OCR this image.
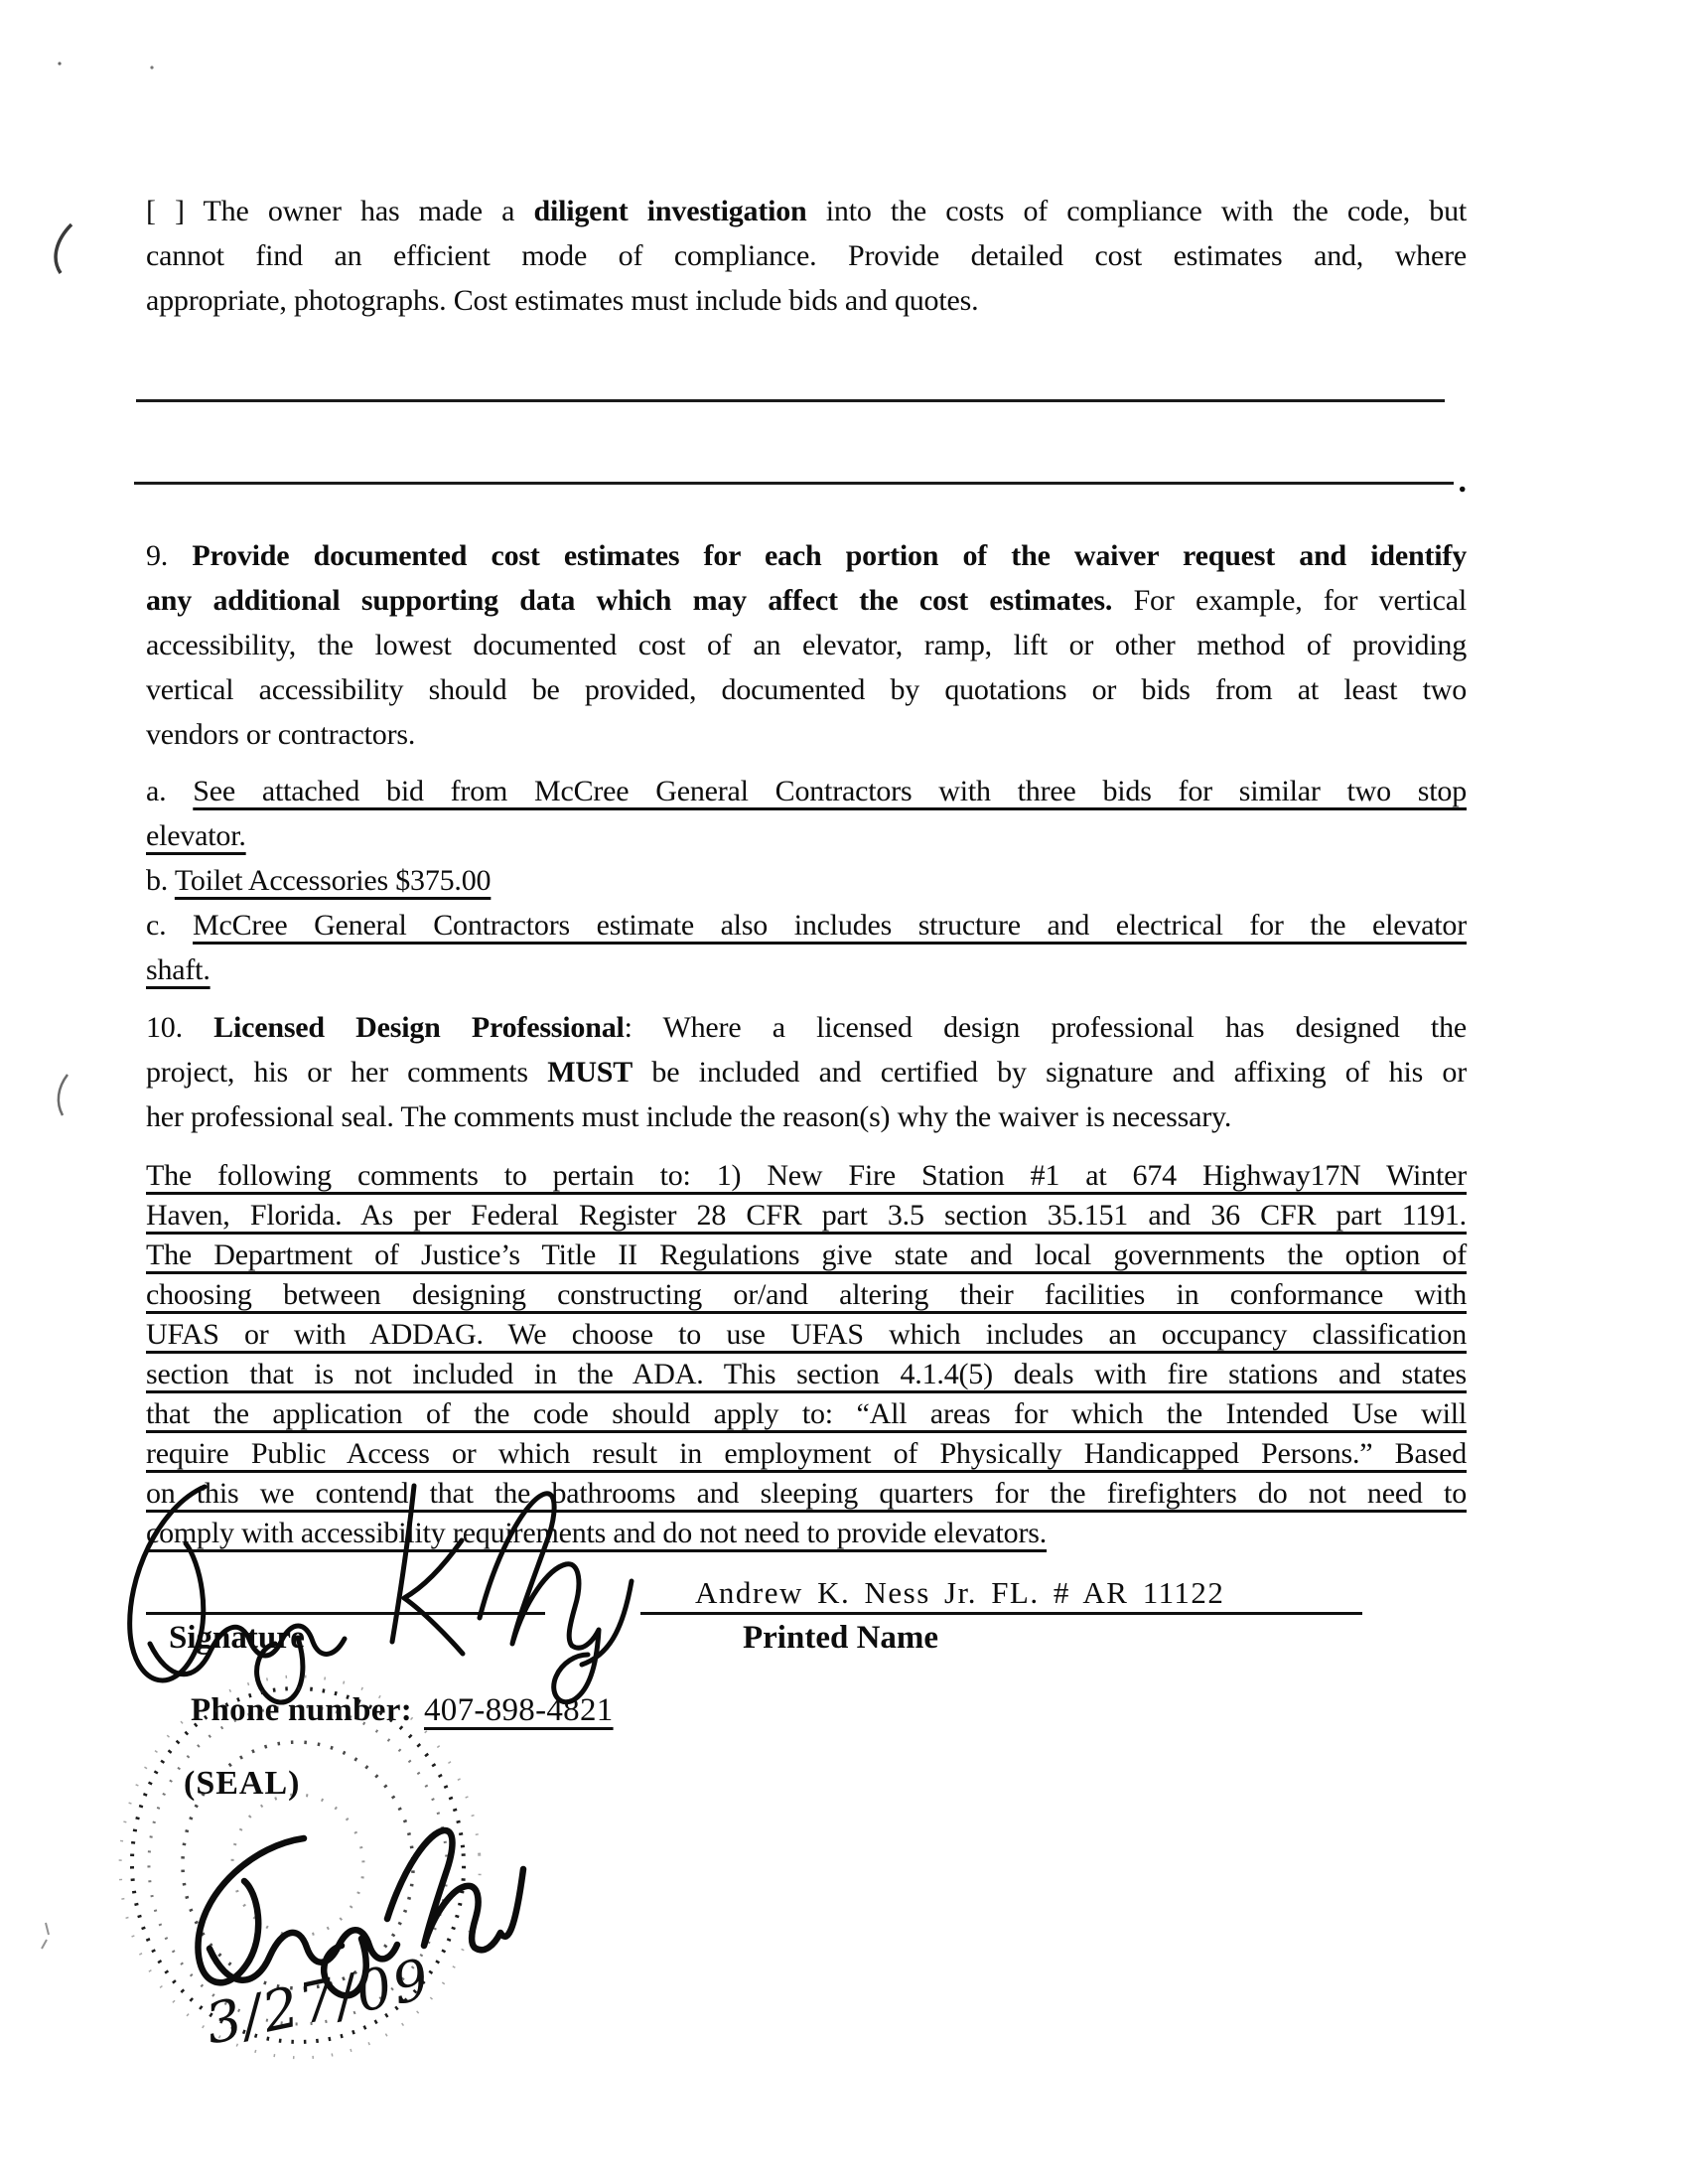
[ ] The owner has made a diligent investigation into the costs of compliance with the code, but
cannot find an efficient mode of compliance. Provide detailed cost estimates and, where
appropriate, photographs. Cost estimates must include bids and quotes.
.
9. Provide documented cost estimates for each portion of the waiver request and identify
any additional supporting data which may affect the cost estimates. For example, for vertical
accessibility, the lowest documented cost of an elevator, ramp, lift or other method of providing
vertical accessibility should be provided, documented by quotations or bids from at least two
vendors or contractors.
a. See attached bid from McCree General Contractors with three bids for similar two stop
elevator.
b. Toilet Accessories $375.00
c. McCree General Contractors estimate also includes structure and electrical for the elevator
shaft.
10. Licensed Design Professional: Where a licensed design professional has designed the
project, his or her comments MUST be included and certified by signature and affixing of his or
her professional seal. The comments must include the reason(s) why the waiver is necessary.
The following comments to pertain to: 1) New Fire Station #1 at 674 Highway17N Winter
Haven, Florida. As per Federal Register 28 CFR part 3.5 section 35.151 and 36 CFR part 1191.
The Department of Justice’s Title II Regulations give state and local governments the option of
choosing between designing constructing or/and altering their facilities in conformance with
UFAS or with ADDAG. We choose to use UFAS which includes an occupancy classification
section that is not included in the ADA. This section 4.1.4(5) deals with fire stations and states
that the application of the code should apply to: “All areas for which the Intended Use will
require Public Access or which result in employment of Physically Handicapped Persons.” Based
on this we contend that the bathrooms and sleeping quarters for the firefighters do not need to
comply with accessibility requirements and do not need to provide elevators.
Andrew K. Ness Jr. FL. # AR 11122
Signature	Printed Name
Phone number: 407-898-4821
(SEAL)
3/27/09
